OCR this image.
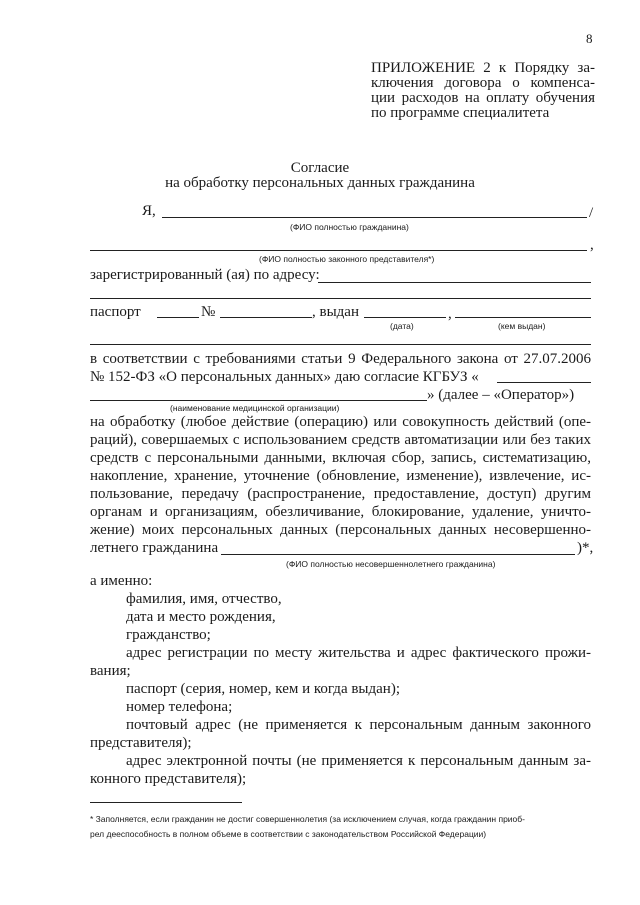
8
ПРИЛОЖЕНИЕ 2 к Порядку за-
ключения договора о компенса-
ции расходов на оплату обучения
по программе специалитета
Согласие
на обработку персональных данных гражданина
Я,	/
(ФИО полностью гражданина)
,
(ФИО полностью законного представителя*)
зарегистрированный (ая) по адресу:
паспорт	№	, выдан	,
(дата)	(кем выдан)
в соответствии с требованиями статьи 9 Федерального закона от 27.07.2006
№ 152-ФЗ «О персональных данных» даю согласие КГБУЗ «
» (далее – «Оператор»)
(наименование медицинской организации)
на обработку (любое действие (операцию) или совокупность действий (опе-
раций), совершаемых с использованием средств автоматизации или без таких
средств с персональными данными, включая сбор, запись, систематизацию,
накопление, хранение, уточнение (обновление, изменение), извлечение, ис-
пользование, передачу (распространение, предоставление, доступ) другим
органам и организациям, обезличивание, блокирование, удаление, уничто-
жение) моих персональных данных (персональных данных несовершенно-
летнего гражданина	)*,
(ФИО полностью несовершеннолетнего гражданина)
а именно:
фамилия, имя, отчество,
дата и место рождения,
гражданство;
адрес регистрации по месту жительства и адрес фактического прожи-
вания;
паспорт (серия, номер, кем и когда выдан);
номер телефона;
почтовый адрес (не применяется к персональным данным законного
представителя);
адрес электронной почты (не применяется к персональным данным за-
конного представителя);
* Заполняется, если гражданин не достиг совершеннолетия (за исключением случая, когда гражданин приоб-
рел дееспособность в полном объеме в соответствии с законодательством Российской Федерации)
